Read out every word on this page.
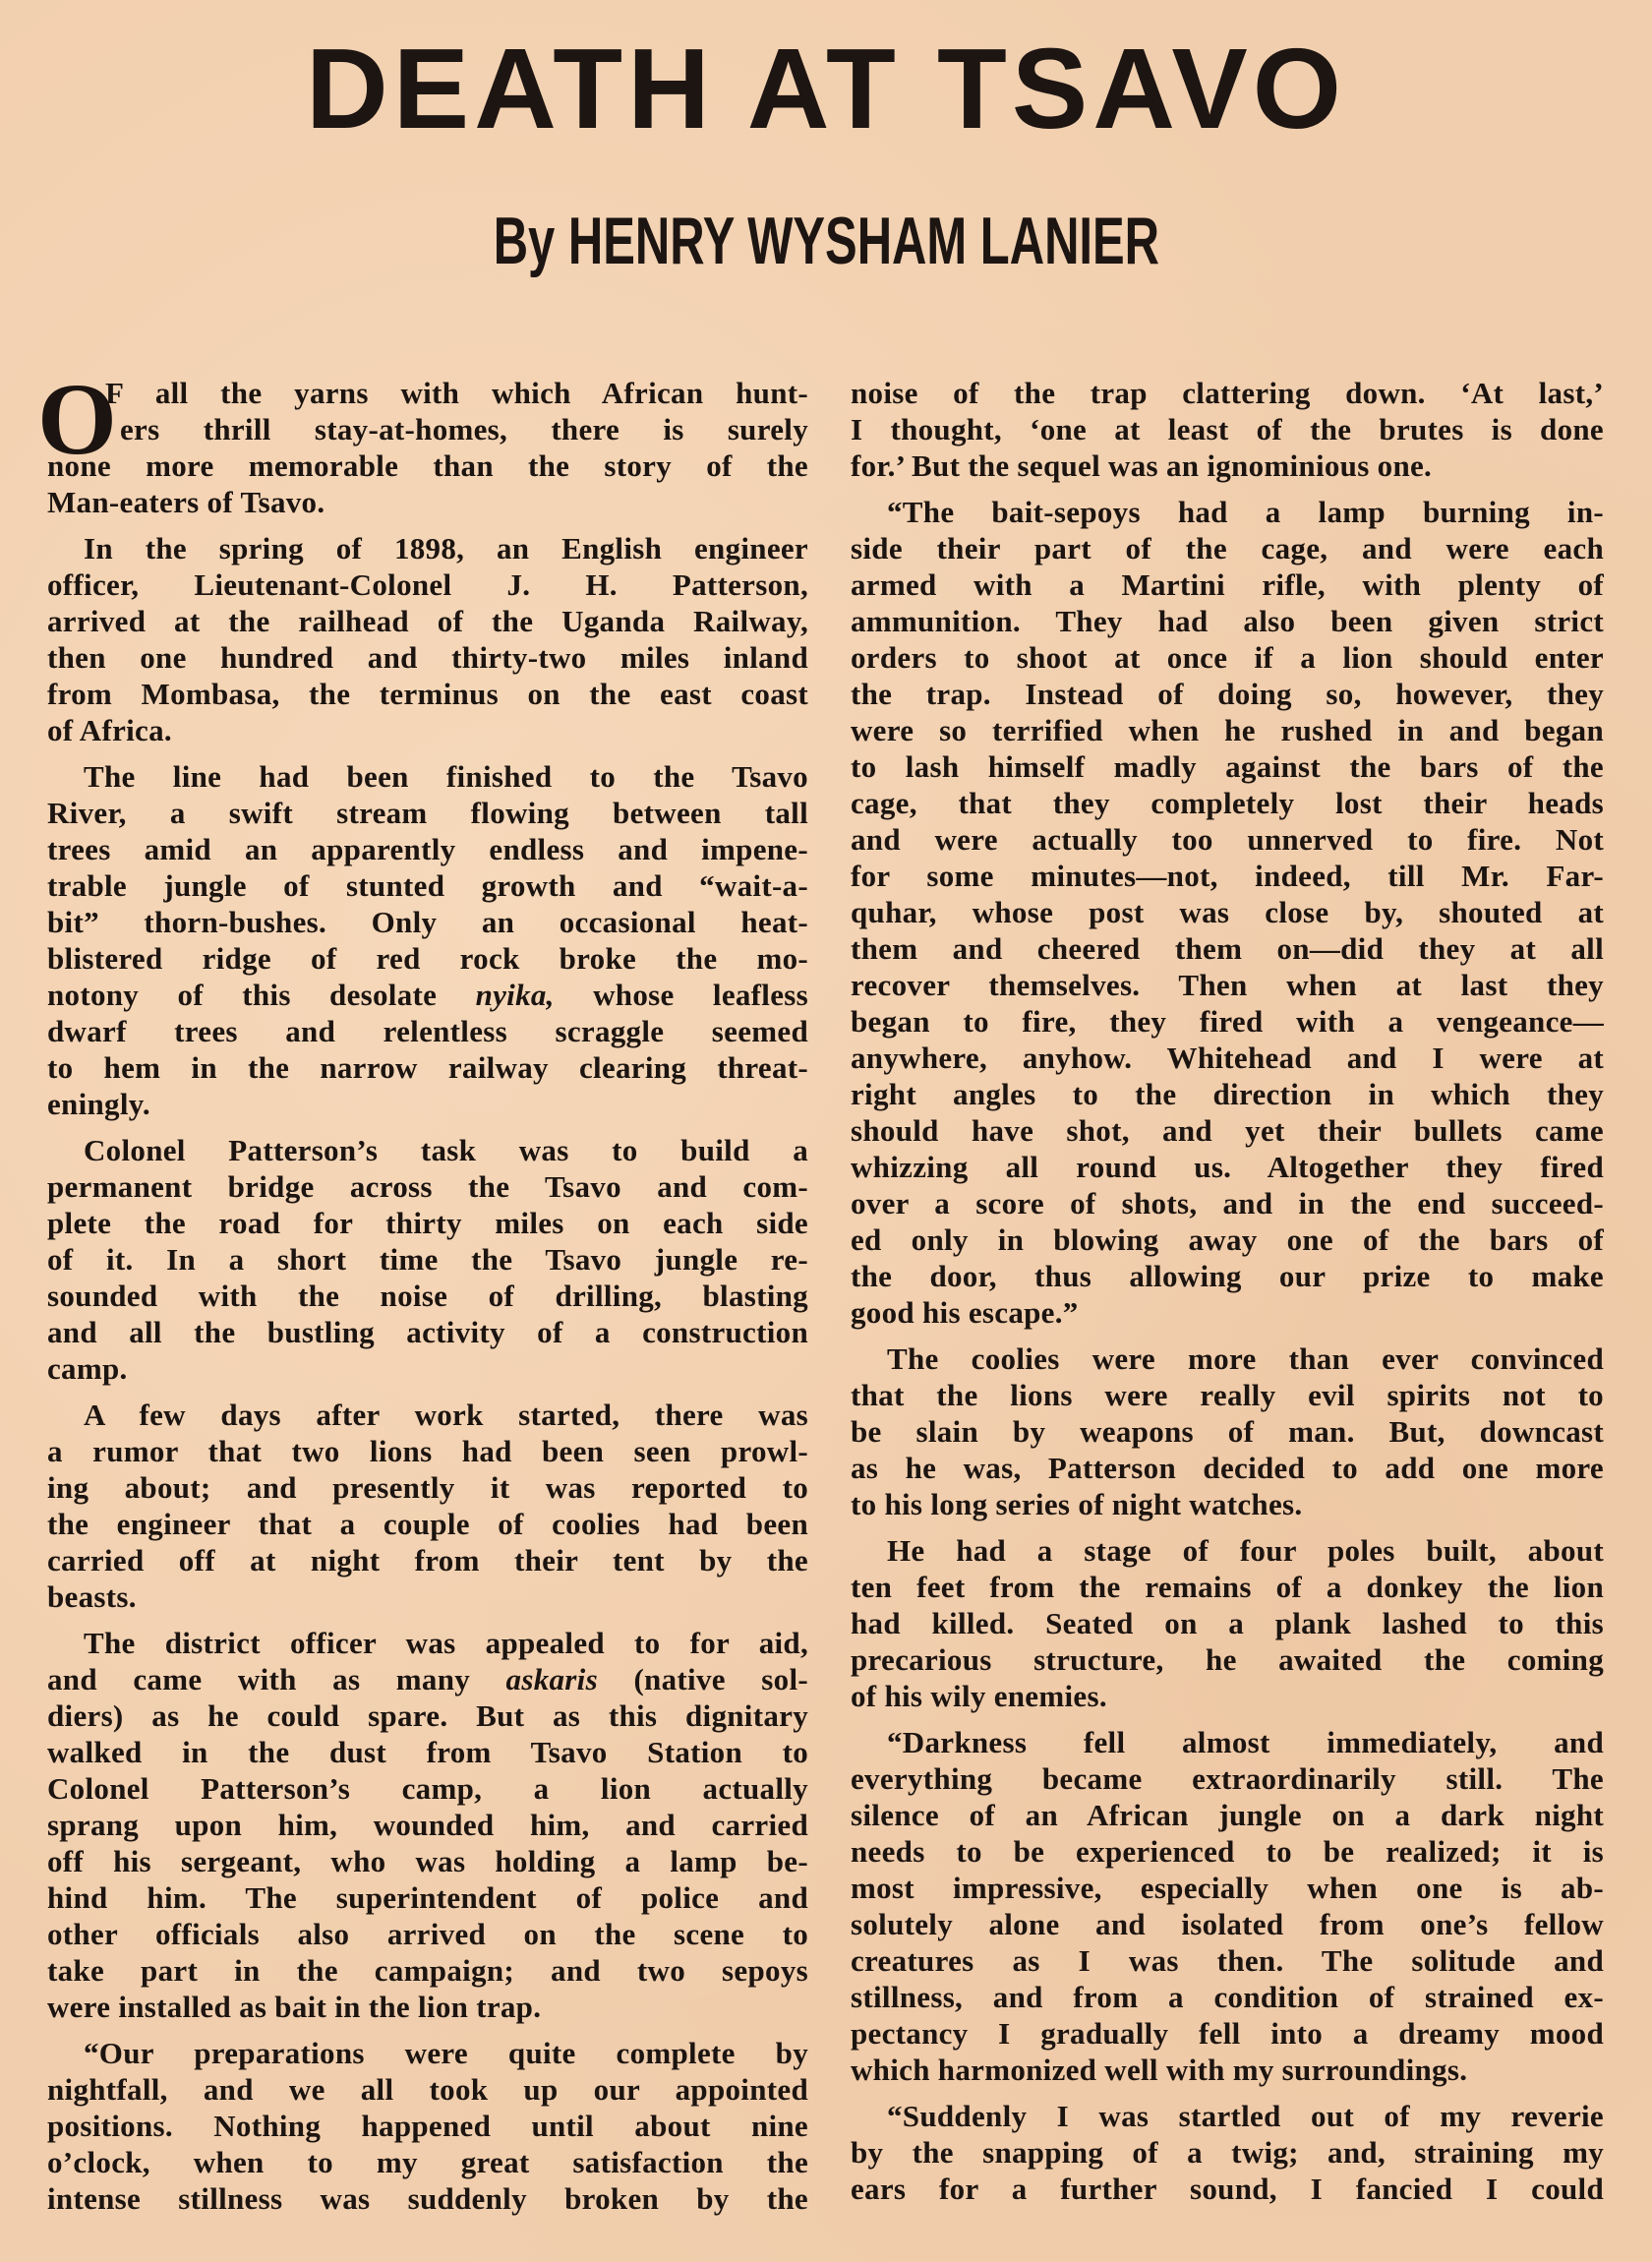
DEATH AT TSAVO
By HENRY WYSHAM LANIER
O
F all the yarns with which African hunt-
ers thrill stay-at-homes, there is surely
none more memorable than the story of the
Man-eaters of Tsavo.
In the spring of 1898, an English engineer
officer, Lieutenant-Colonel J. H. Patterson,
arrived at the railhead of the Uganda Railway,
then one hundred and thirty-two miles inland
from Mombasa, the terminus on the east coast
of Africa.
The line had been finished to the Tsavo
River, a swift stream flowing between tall
trees amid an apparently endless and impene-
trable jungle of stunted growth and “wait-a-
bit” thorn-bushes. Only an occasional heat-
blistered ridge of red rock broke the mo-
notony of this desolate nyika, whose leafless
dwarf trees and relentless scraggle seemed
to hem in the narrow railway clearing threat-
eningly.
Colonel Patterson’s task was to build a
permanent bridge across the Tsavo and com-
plete the road for thirty miles on each side
of it. In a short time the Tsavo jungle re-
sounded with the noise of drilling, blasting
and all the bustling activity of a construction
camp.
A few days after work started, there was
a rumor that two lions had been seen prowl-
ing about; and presently it was reported to
the engineer that a couple of coolies had been
carried off at night from their tent by the
beasts.
The district officer was appealed to for aid,
and came with as many askaris (native sol-
diers) as he could spare. But as this dignitary
walked in the dust from Tsavo Station to
Colonel Patterson’s camp, a lion actually
sprang upon him, wounded him, and carried
off his sergeant, who was holding a lamp be-
hind him. The superintendent of police and
other officials also arrived on the scene to
take part in the campaign; and two sepoys
were installed as bait in the lion trap.
“Our preparations were quite complete by
nightfall, and we all took up our appointed
positions. Nothing happened until about nine
o’clock, when to my great satisfaction the
intense stillness was suddenly broken by the
noise of the trap clattering down. ‘At last,’
I thought, ‘one at least of the brutes is done
for.’ But the sequel was an ignominious one.
“The bait-sepoys had a lamp burning in-
side their part of the cage, and were each
armed with a Martini rifle, with plenty of
ammunition. They had also been given strict
orders to shoot at once if a lion should enter
the trap. Instead of doing so, however, they
were so terrified when he rushed in and began
to lash himself madly against the bars of the
cage, that they completely lost their heads
and were actually too unnerved to fire. Not
for some minutes—not, indeed, till Mr. Far-
quhar, whose post was close by, shouted at
them and cheered them on—did they at all
recover themselves. Then when at last they
began to fire, they fired with a vengeance—
anywhere, anyhow. Whitehead and I were at
right angles to the direction in which they
should have shot, and yet their bullets came
whizzing all round us. Altogether they fired
over a score of shots, and in the end succeed-
ed only in blowing away one of the bars of
the door, thus allowing our prize to make
good his escape.”
The coolies were more than ever convinced
that the lions were really evil spirits not to
be slain by weapons of man. But, downcast
as he was, Patterson decided to add one more
to his long series of night watches.
He had a stage of four poles built, about
ten feet from the remains of a donkey the lion
had killed. Seated on a plank lashed to this
precarious structure, he awaited the coming
of his wily enemies.
“Darkness fell almost immediately, and
everything became extraordinarily still. The
silence of an African jungle on a dark night
needs to be experienced to be realized; it is
most impressive, especially when one is ab-
solutely alone and isolated from one’s fellow
creatures as I was then. The solitude and
stillness, and from a condition of strained ex-
pectancy I gradually fell into a dreamy mood
which harmonized well with my surroundings.
“Suddenly I was startled out of my reverie
by the snapping of a twig; and, straining my
ears for a further sound, I fancied I could
